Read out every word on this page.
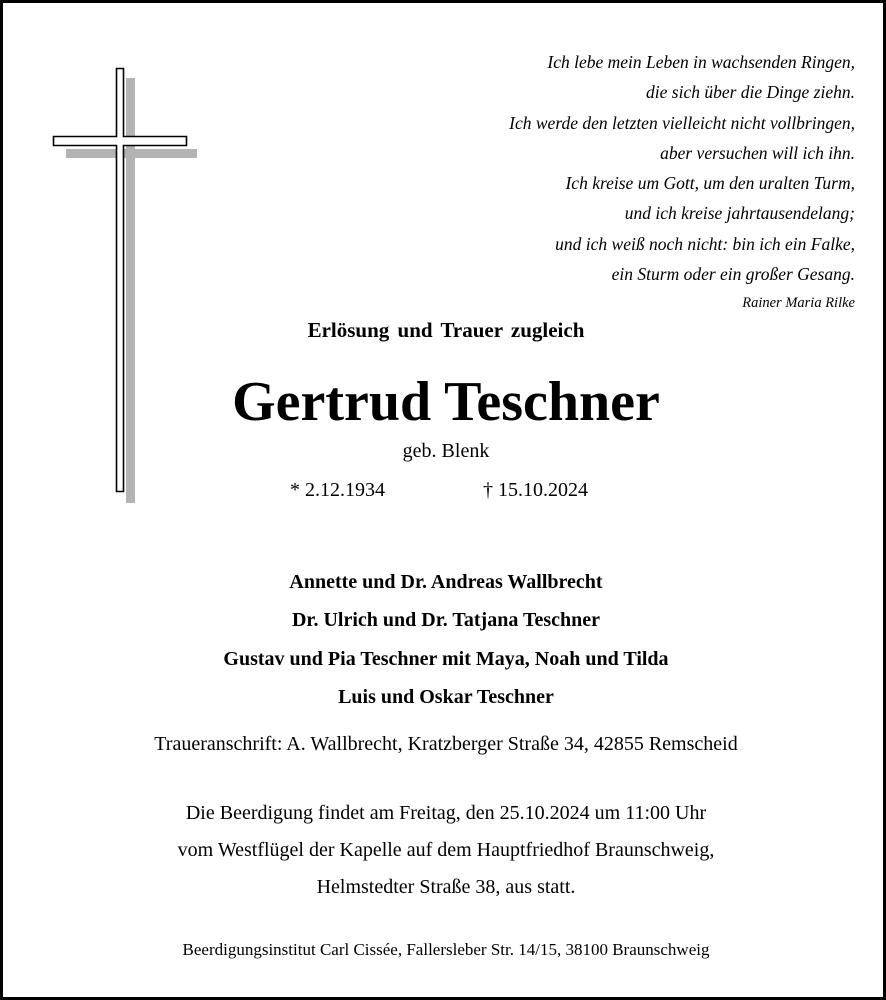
Ich lebe mein Leben in wachsenden Ringen,
die sich über die Dinge ziehn.
Ich werde den letzten vielleicht nicht vollbringen,
aber versuchen will ich ihn.
Ich kreise um Gott, um den uralten Turm,
und ich kreise jahrtausendelang;
und ich weiß noch nicht: bin ich ein Falke,
ein Sturm oder ein großer Gesang.
Rainer Maria Rilke
Erlösung und Trauer zugleich
Gertrud Teschner
geb. Blenk
* 2.12.1934	† 15.10.2024
Annette und Dr. Andreas Wallbrecht
Dr. Ulrich und Dr. Tatjana Teschner
Gustav und Pia Teschner mit Maya, Noah und Tilda
Luis und Oskar Teschner
Traueranschrift: A. Wallbrecht, Kratzberger Straße 34, 42855 Remscheid
Die Beerdigung findet am Freitag, den 25.10.2024 um 11:00 Uhr
vom Westflügel der Kapelle auf dem Hauptfriedhof Braunschweig,
Helmstedter Straße 38, aus statt.
Beerdigungsinstitut Carl Cissée, Fallersleber Str. 14/15, 38100 Braunschweig
